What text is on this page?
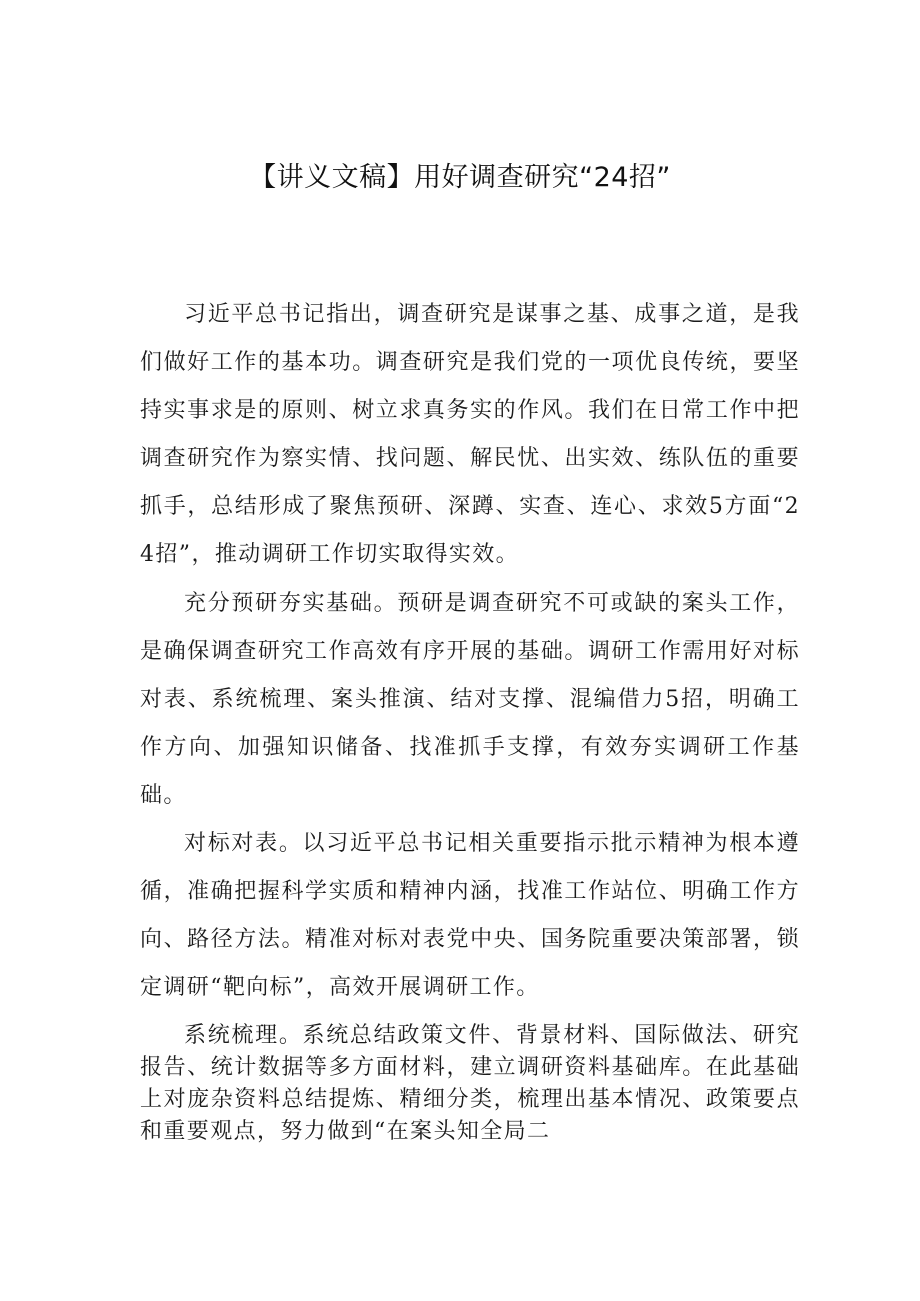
【讲义文稿】用好调查研究“24招”

习近平总书记指出，调查研究是谋事之基、成事之道，是我们做好工作的基本功。调查研究是我们党的一项优良传统，要坚持实事求是的原则、树立求真务实的作风。我们在日常工作中把调查研究作为察实情、找问题、解民忧、出实效、练队伍的重要抓手，总结形成了聚焦预研、深蹲、实查、连心、求效5方面“24招”，推动调研工作切实取得实效。

充分预研夯实基础。预研是调查研究不可或缺的案头工作，是确保调查研究工作高效有序开展的基础。调研工作需用好对标对表、系统梳理、案头推演、结对支撑、混编借力5招，明确工作方向、加强知识储备、找准抓手支撑，有效夯实调研工作基础。

对标对表。以习近平总书记相关重要指示批示精神为根本遵循，准确把握科学实质和精神内涵，找准工作站位、明确工作方向、路径方法。精准对标对表党中央、国务院重要决策部署，锁定调研“靶向标”，高效开展调研工作。

系统梳理。系统总结政策文件、背景材料、国际做法、研究报告、统计数据等多方面材料，建立调研资料基础库。在此基础上对庞杂资料总结提炼、精细分类，梳理出基本情况、政策要点和重要观点，努力做到“在案头知全局二
